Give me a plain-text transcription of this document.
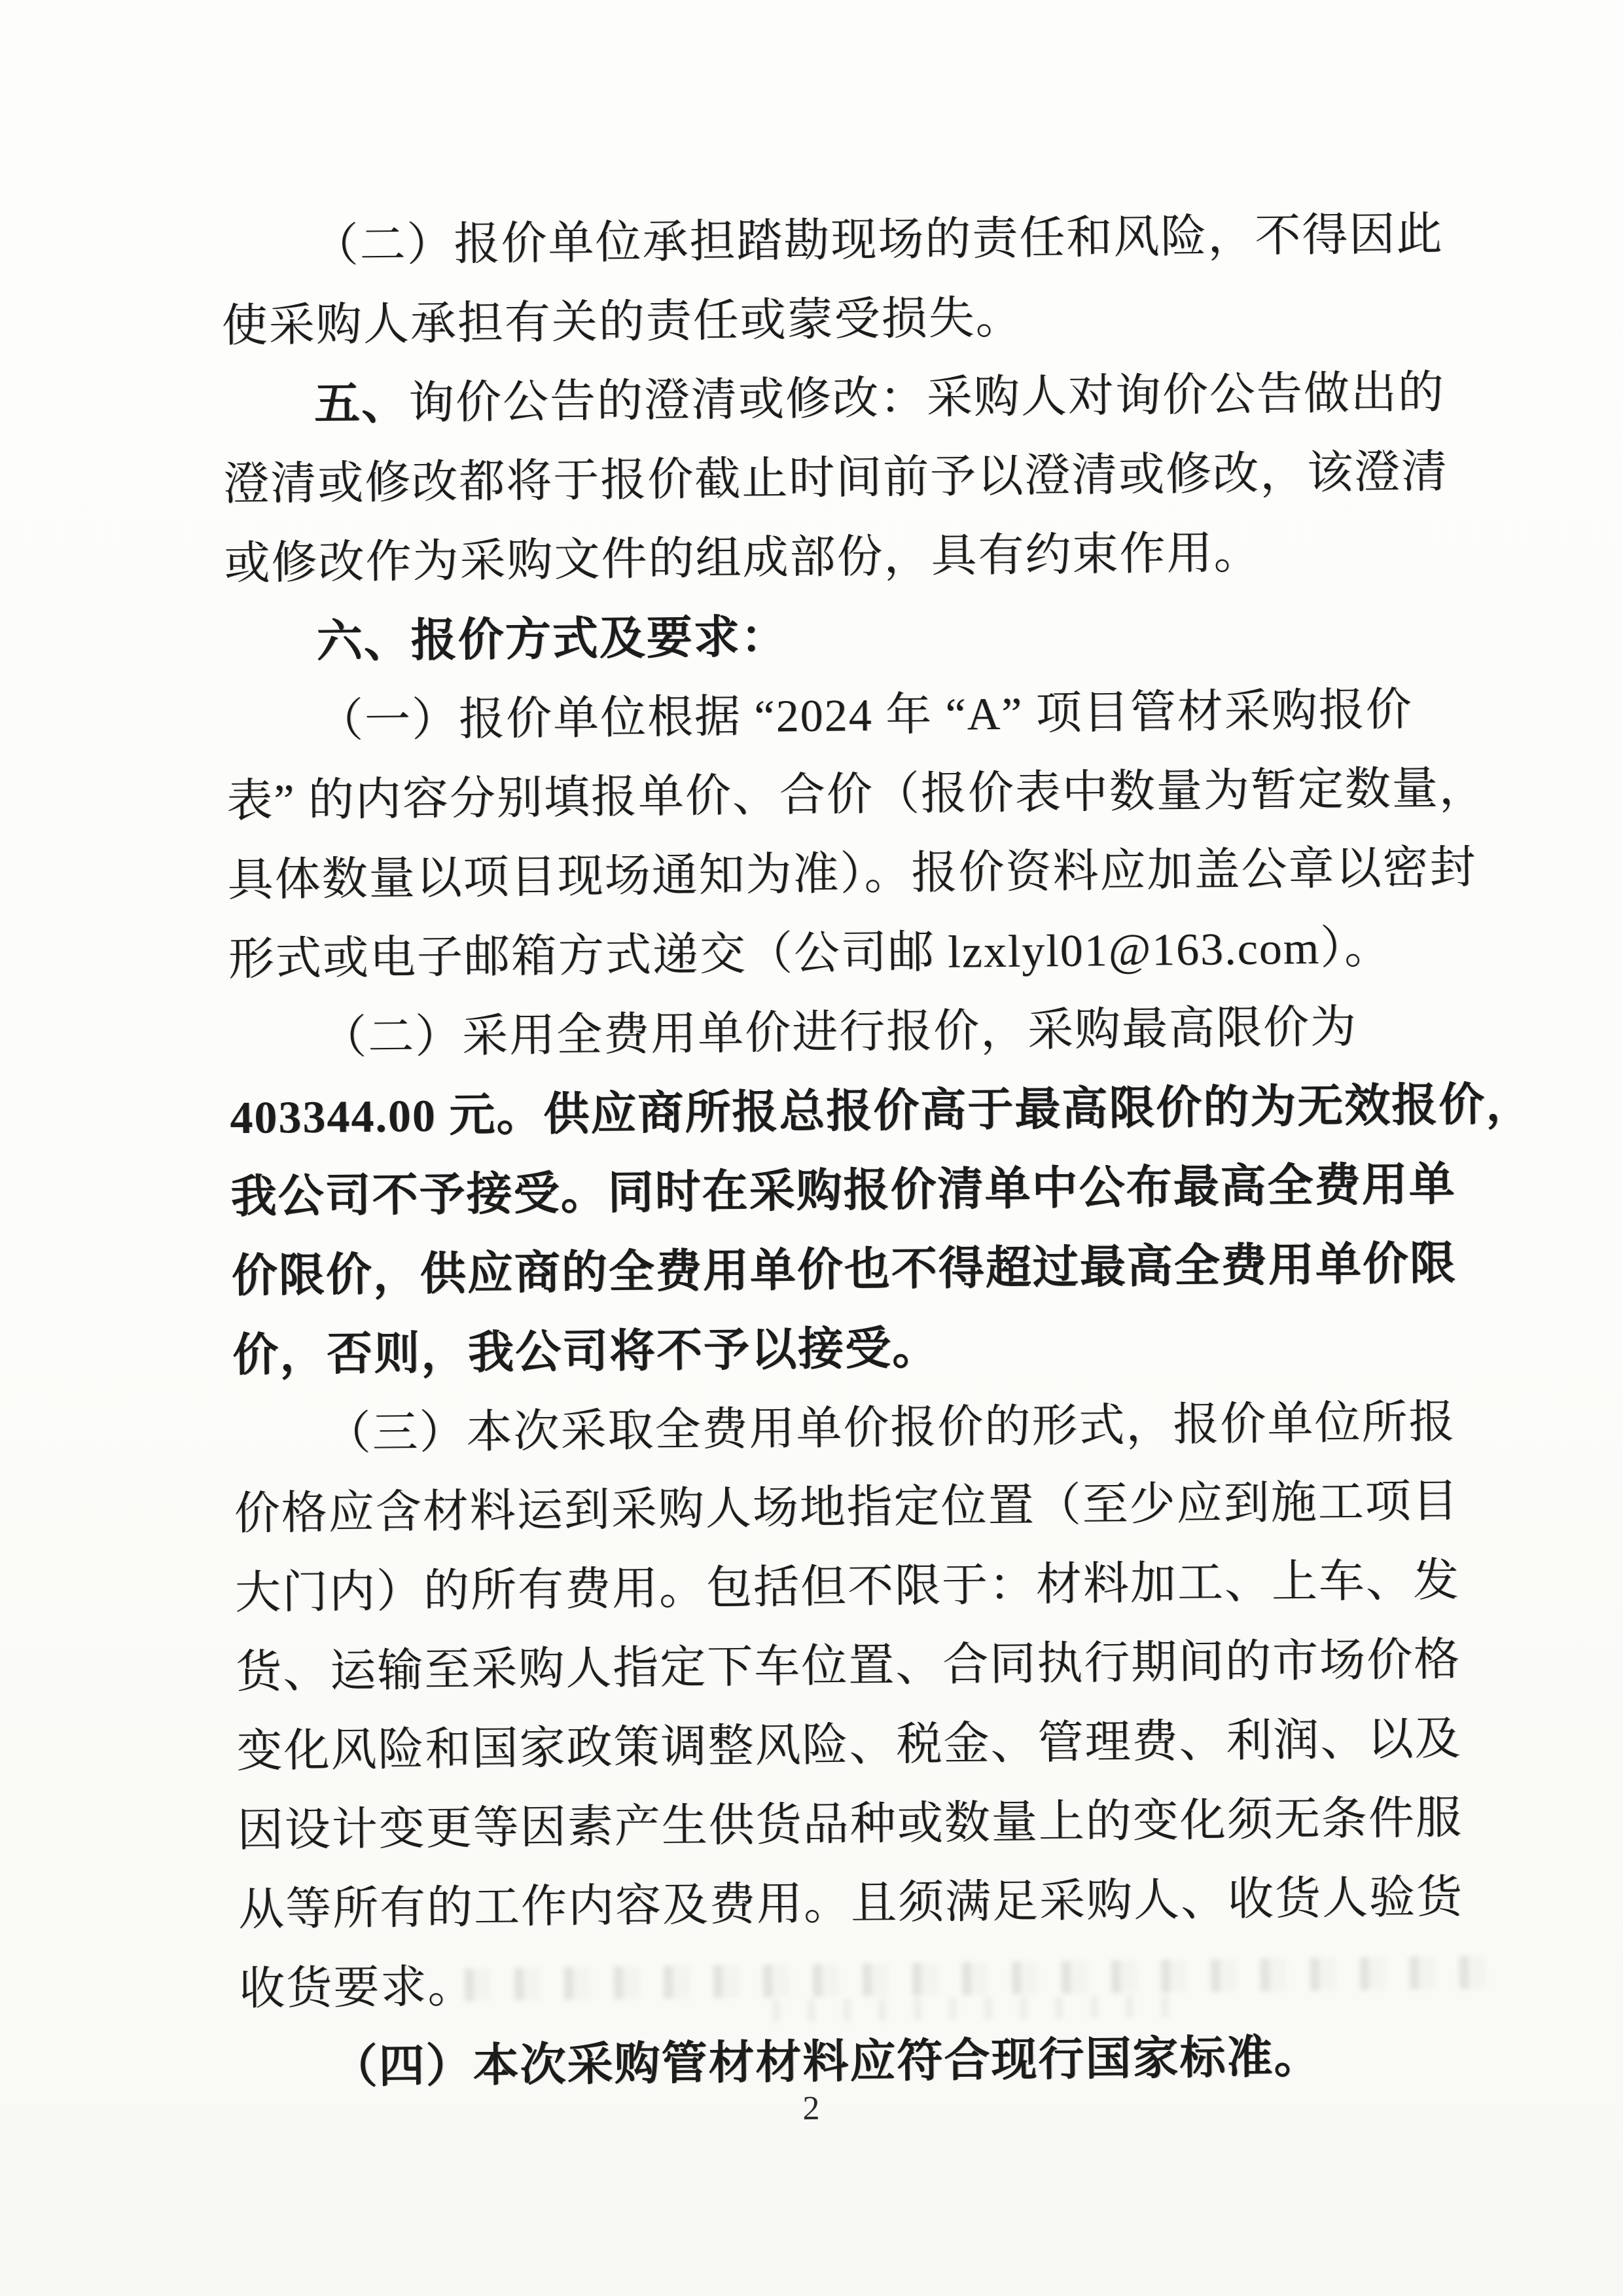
（二）报价单位承担踏勘现场的责任和风险，不得因此
使采购人承担有关的责任或蒙受损失。
五、询价公告的澄清或修改：采购人对询价公告做出的
澄清或修改都将于报价截止时间前予以澄清或修改，该澄清
或修改作为采购文件的组成部份，具有约束作用。
六、报价方式及要求：
（一）报价单位根据 “2024 年 “A” 项目管材采购报价
表” 的内容分别填报单价、合价（报价表中数量为暂定数量，
具体数量以项目现场通知为准）。报价资料应加盖公章以密封
形式或电子邮箱方式递交（公司邮 lzxlyl01@163.com）。
（二）采用全费用单价进行报价，采购最高限价为
403344.00 元。供应商所报总报价高于最高限价的为无效报价，
我公司不予接受。同时在采购报价清单中公布最高全费用单
价限价，供应商的全费用单价也不得超过最高全费用单价限
价，否则，我公司将不予以接受。
（三）本次采取全费用单价报价的形式，报价单位所报
价格应含材料运到采购人场地指定位置（至少应到施工项目
大门内）的所有费用。包括但不限于：材料加工、上车、发
货、运输至采购人指定下车位置、合同执行期间的市场价格
变化风险和国家政策调整风险、税金、管理费、利润、以及
因设计变更等因素产生供货品种或数量上的变化须无条件服
从等所有的工作内容及费用。且须满足采购人、收货人验货
收货要求。
（四）本次采购管材材料应符合现行国家标准。
2
